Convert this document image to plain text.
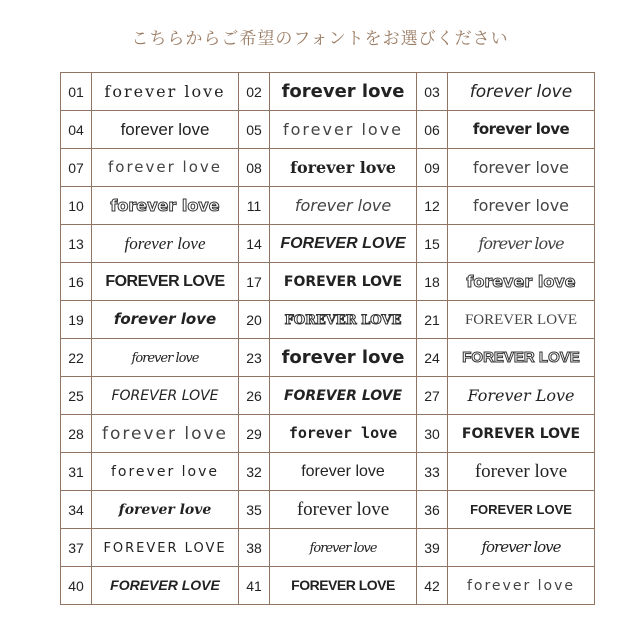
こちらからご希望のフォントをお選びください
01	forever love	02	forever love	03	forever love
04	forever love	05	forever love	06	forever love
07	forever love	08	forever love	09	forever love
10	forever love	11	forever love	12	forever love
13	forever love	14	FOREVER LOVE	15	forever love
16	FOREVER LOVE	17	FOREVER LOVE	18	forever love
19	forever love	20	FOREVER LOVE	21	FOREVER LOVE
22	forever love	23	forever love	24	FOREVER LOVE
25	FOREVER LOVE	26	FOREVER LOVE	27	Forever Love
28	forever love	29	forever love	30	FOREVER LOVE
31	forever love	32	forever love	33	forever love
34	forever love	35	forever love	36	FOREVER LOVE
37	FOREVER LOVE	38	forever love	39	forever love
40	FOREVER LOVE	41	FOREVER LOVE	42	forever love
